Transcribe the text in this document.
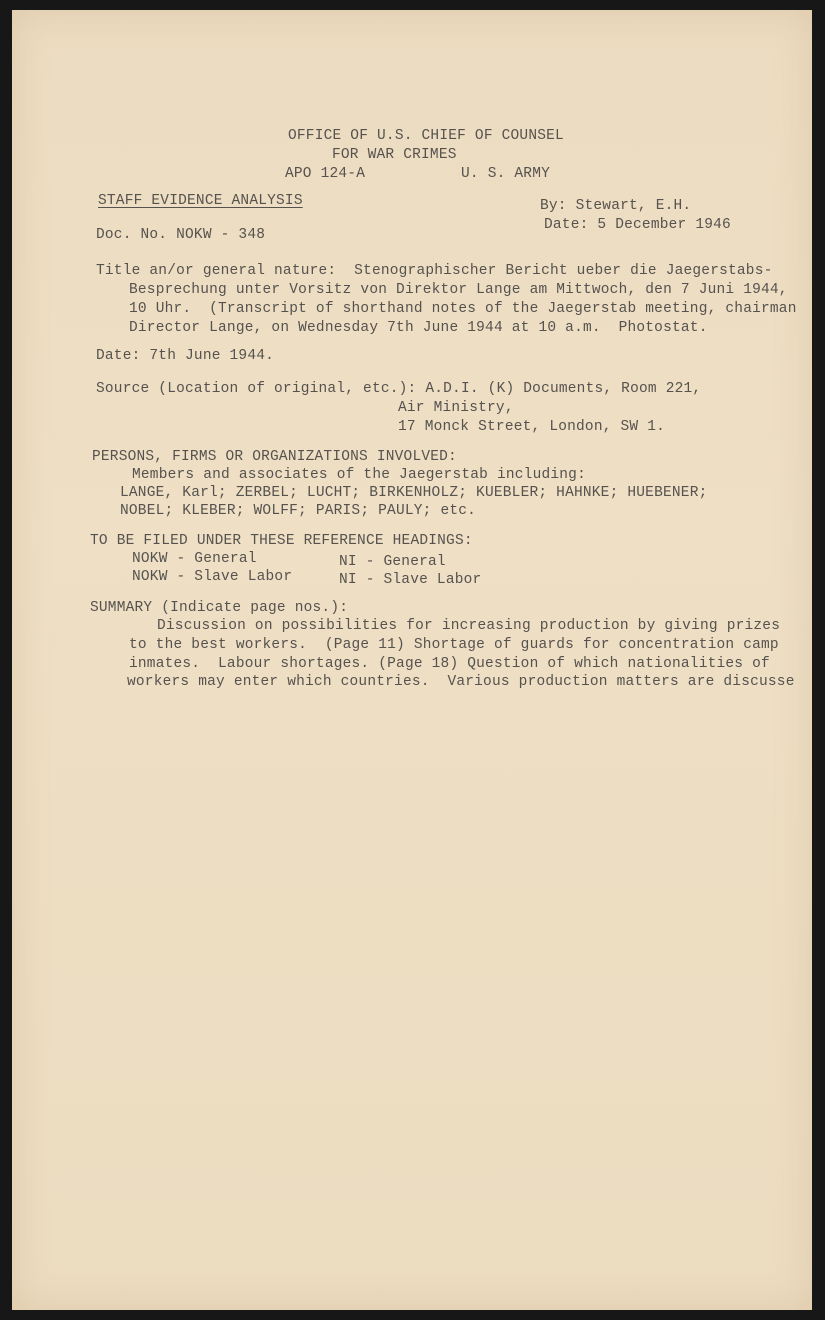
OFFICE OF U.S. CHIEF OF COUNSEL
FOR WAR CRIMES
APO 124-A	U. S. ARMY
STAFF EVIDENCE ANALYSIS	By: Stewart, E.H.
Date: 5 December 1946
Doc. No. NOKW - 348
Title an/or general nature:  Stenographischer Bericht ueber die Jaegerstabs-
Besprechung unter Vorsitz von Direktor Lange am Mittwoch, den 7 Juni 1944,
10 Uhr.  (Transcript of shorthand notes of the Jaegerstab meeting, chairman
Director Lange, on Wednesday 7th June 1944 at 10 a.m.  Photostat.
Date: 7th June 1944.
Source (Location of original, etc.): A.D.I. (K) Documents, Room 221,
Air Ministry,
17 Monck Street, London, SW 1.
PERSONS, FIRMS OR ORGANIZATIONS INVOLVED:
Members and associates of the Jaegerstab including:
LANGE, Karl; ZERBEL; LUCHT; BIRKENHOLZ; KUEBLER; HAHNKE; HUEBENER;
NOBEL; KLEBER; WOLFF; PARIS; PAULY; etc.
TO BE FILED UNDER THESE REFERENCE HEADINGS:
NOKW - General
NOKW - Slave Labor
NI - General
NI - Slave Labor
SUMMARY (Indicate page nos.):
Discussion on possibilities for increasing production by giving prizes
to the best workers.  (Page 11) Shortage of guards for concentration camp
inmates.  Labour shortages. (Page 18) Question of which nationalities of
workers may enter which countries.  Various production matters are discusse
